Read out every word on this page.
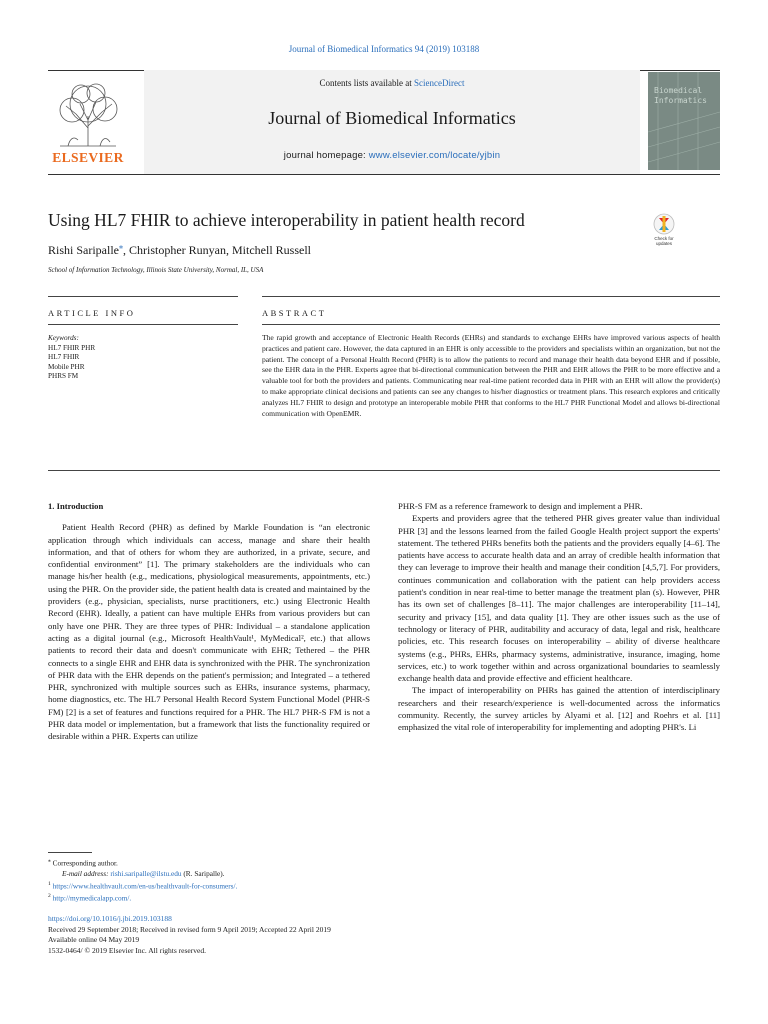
Journal of Biomedical Informatics 94 (2019) 103188
ELSEVIER
Contents lists available at ScienceDirect
Journal of Biomedical Informatics
journal homepage: www.elsevier.com/locate/yjbin
Biomedical Informatics
Using HL7 FHIR to achieve interoperability in patient health record
Check for updates
Rishi Saripalle⁎, Christopher Runyan, Mitchell Russell
School of Information Technology, Illinois State University, Normal, IL, USA
ARTICLE INFO	ABSTRACT
Keywords:
HL7 FHIR PHR
HL7 FHIR
Mobile PHR
PHRS FM
The rapid growth and acceptance of Electronic Health Records (EHRs) and standards to exchange EHRs have improved various aspects of health practices and patient care. However, the data captured in an EHR is only accessible to the providers and specialists within an organization, but not the patient. The concept of a Personal Health Record (PHR) is to allow the patients to record and manage their health data beyond EHR and if possible, see the EHR data in the PHR. Experts agree that bi-directional communication between the PHR and EHR allows the PHR to be more effective and a valuable tool for both the providers and patients. Communicating near real-time patient recorded data in PHR with an EHR will allow the provider(s) to make appropriate clinical decisions and patients can see any changes to his/her diagnostics or treatment plans. This research explores and critically analyzes HL7 FHIR to design and prototype an interoperable mobile PHR that conforms to the HL7 PHR Functional Model and allows bi-directional communication with OpenEMR.

1. Introduction

Patient Health Record (PHR) as defined by Markle Foundation is “an electronic application through which individuals can access, manage and share their health information, and that of others for whom they are authorized, in a private, secure, and confidential environment” [1]. The primary stakeholders are the individuals who can manage his/her health (e.g., medications, physiological measurements, appointments, etc.) using the PHR. On the provider side, the patient health data is created and maintained by the providers (e.g., physician, specialists, nurse practitioners, etc.) using Electronic Health Record (EHR). Ideally, a patient can have multiple EHRs from various providers but can only have one PHR. They are three types of PHR: Individual – a standalone application acting as a digital journal (e.g., Microsoft HealthVault¹, MyMedical², etc.) that allows patients to record their data and doesn't communicate with EHR; Tethered – the PHR connects to a single EHR and EHR data is synchronized with the PHR. The synchronization of PHR data with the EHR depends on the patient's permission; and Integrated – a tethered PHR, synchronized with multiple sources such as EHRs, insurance systems, pharmacy, home diagnostics, etc. The HL7 Personal Health Record System Functional Model (PHR-S FM) [2] is a set of features and functions required for a PHR. The HL7 PHR-S FM is not a PHR data model or implementation, but a framework that lists the functionality required or desirable within a PHR. Experts can utilize

PHR-S FM as a reference framework to design and implement a PHR.

Experts and providers agree that the tethered PHR gives greater value than individual PHR [3] and the lessons learned from the failed Google Health project support the experts' statement. The tethered PHRs benefits both the patients and the providers equally [4–6]. The patients have access to accurate health data and an array of credible health information that they can leverage to improve their health and manage their condition [4,5,7]. For providers, continues communication and collaboration with the patient can help providers access patient's condition in near real-time to better manage the treatment plan (s). However, PHR has its own set of challenges [8–11]. The major challenges are interoperability [11–14], security and privacy [15], and data quality [1]. They are other issues such as the use of technology or literacy of PHR, auditability and accuracy of data, legal and risk, healthcare policies, etc. This research focuses on interoperability – ability of diverse healthcare systems (e.g., PHRs, EHRs, pharmacy systems, administrative, insurance, imaging, home services, etc.) to work together within and across organizational boundaries to seamlessly exchange health data and provide effective and efficient healthcare.

The impact of interoperability on PHRs has gained the attention of interdisciplinary researchers and their research/experience is well-documented across the informatics community. Recently, the survey articles by Alyami et al. [12] and Roehrs et al. [11] emphasized the vital role of interoperability for implementing and adopting PHR's. Li

⁎ Corresponding author.
E-mail address: rishi.saripalle@ilstu.edu (R. Saripalle).
$^1$ https://www.healthvault.com/en-us/healthvault-for-consumers/.
$^2$ http://mymedicalapp.com/.
https://doi.org/10.1016/j.jbi.2019.103188
Received 29 September 2018; Received in revised form 9 April 2019; Accepted 22 April 2019
Available online 04 May 2019
1532-0464/ © 2019 Elsevier Inc. All rights reserved.
